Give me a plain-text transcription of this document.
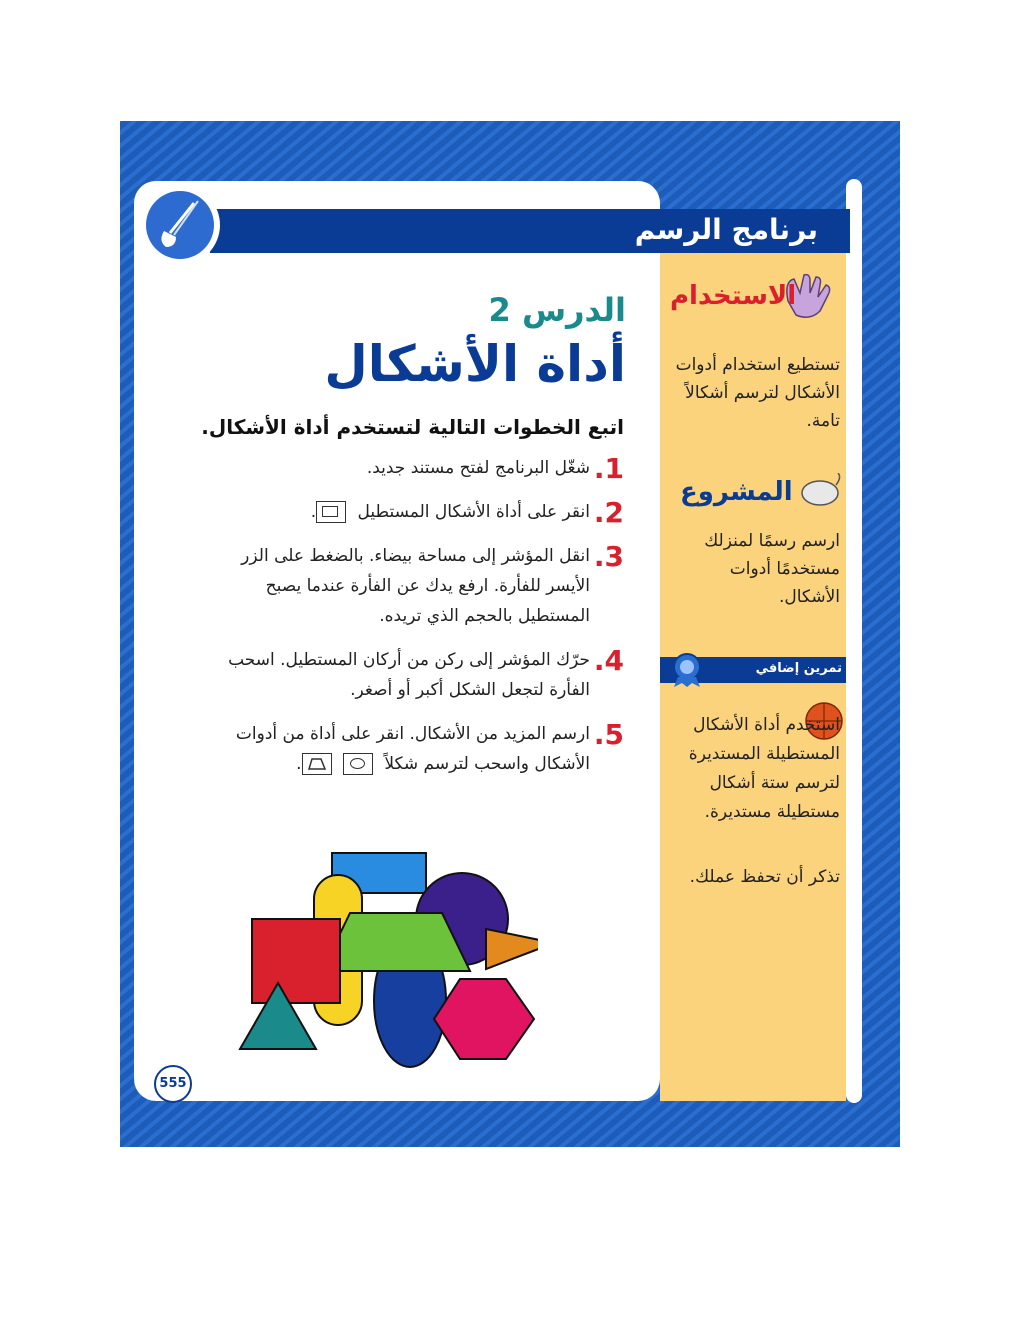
برنامج الرسم
الدرس 2
أداة الأشكال
اتبع الخطوات التالية لتستخدم أداة الأشكال.
1.
شغّل البرنامج لفتح مستند جديد.
2.
انقر على أداة الأشكال المستطيل
.
3.
انقل المؤشر إلى مساحة بيضاء. بالضغط على الزر الأيسر للفأرة. ارفع يدك عن الفأرة عندما يصبح المستطيل بالحجم الذي تريده.
4.
حرّك المؤشر إلى ركن من أركان المستطيل. اسحب الفأرة لتجعل الشكل أكبر أو أصغر.
5.
ارسم المزيد من الأشكال. انقر على أداة من أدوات الأشكال واسحب لترسم شكلاً

.
الاستخدام
تستطيع استخدام أدوات الأشكال لترسم أشكالاً تامة.
المشروع
ارسم رسمًا لمنزلك مستخدمًا أدوات الأشكال.
تمرين إضافي
استخدم أداة الأشكال المستطيلة المستديرة لترسم ستة أشكال مستطيلة مستديرة.
تذكر أن تحفظ عملك.
555
